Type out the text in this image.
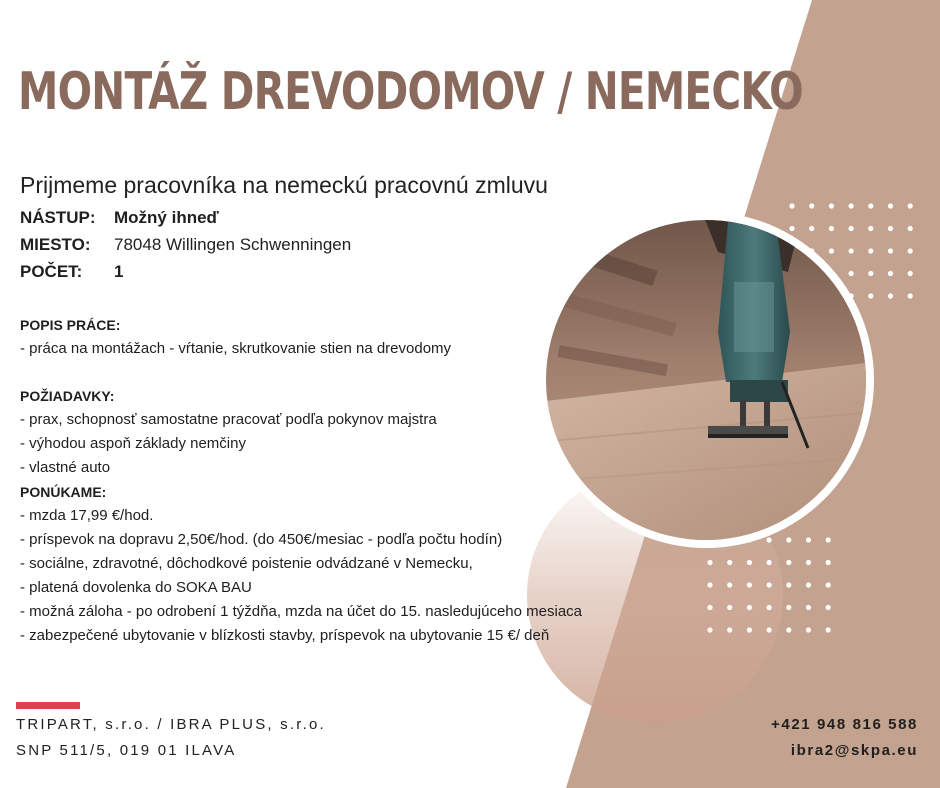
MONTÁŽ DREVODOMOV / NEMECKO
Prijmeme pracovníka na nemeckú pracovnú zmluvu
NÁSTUP: Možný ihneď
MIESTO: 78048 Willingen Schwenningen
POČET: 1
POPIS PRÁCE:
- práca na montážach - vŕtanie, skrutkovanie stien na drevodomy
POŽIADAVKY:
- prax, schopnosť samostatne pracovať podľa pokynov majstra
- výhodou aspoň základy nemčiny
- vlastné auto
PONÚKAME:
- mzda 17,99 €/hod.
- príspevok na dopravu 2,50€/hod. (do 450€/mesiac - podľa počtu hodín)
- sociálne, zdravotné, dôchodkové poistenie odvádzané v Nemecku,
- platená dovolenka do SOKA BAU
- možná záloha - po odrobení 1 týždňa, mzda na účet do 15. nasledujúceho mesiaca
- zabezpečené ubytovanie v blízkosti stavby, príspevok na ubytovanie 15 €/ deň
TRIPART, s.r.o. / IBRA PLUS, s.r.o.
SNP 511/5, 019 01 ILAVA
+421 948 816 588
ibra2@skpa.eu
